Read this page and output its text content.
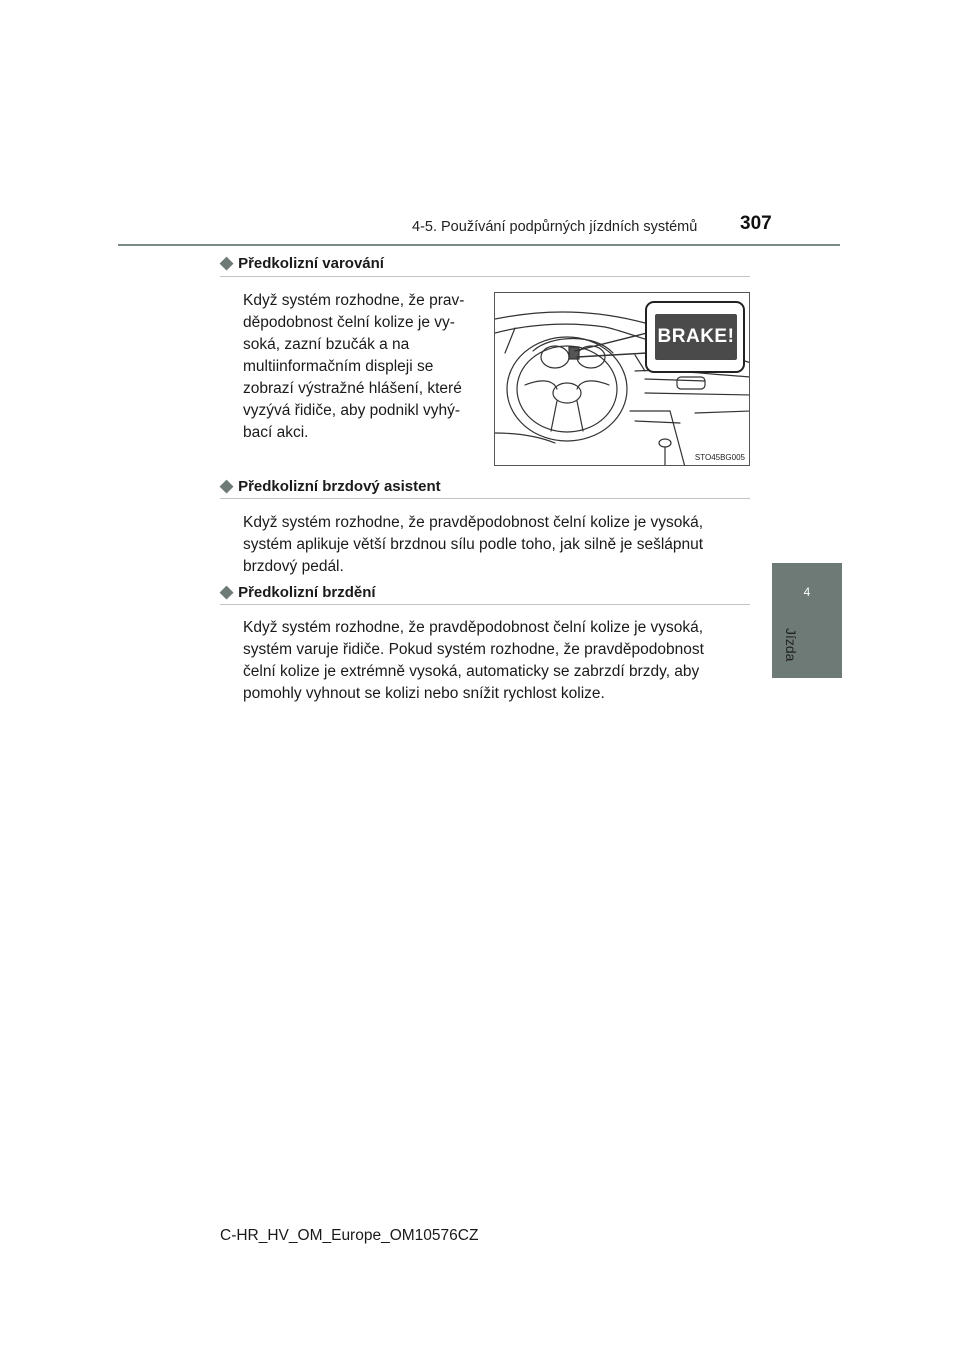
4-5. Používání podpůrných jízdních systémů 307
4
Jízda
◆ Předkolizní varování
Když systém rozhodne, že prav-
děpodobnost čelní kolize je vy-
soká, zazní bzučák a na
multiinformačním displeji se
zobrazí výstražné hlášení, které
vyzývá řidiče, aby podnikl vyhý-
bací akci.
BRAKE!
STO45BG005
◆ Předkolizní brzdový asistent
Když systém rozhodne, že pravděpodobnost čelní kolize je vysoká,
systém aplikuje větší brzdnou sílu podle toho, jak silně je sešlápnut
brzdový pedál.
◆ Předkolizní brzdění
Když systém rozhodne, že pravděpodobnost čelní kolize je vysoká,
systém varuje řidiče. Pokud systém rozhodne, že pravděpodobnost
čelní kolize je extrémně vysoká, automaticky se zabrzdí brzdy, aby
pomohly vyhnout se kolizi nebo snížit rychlost kolize.
C-HR_HV_OM_Europe_OM10576CZ
